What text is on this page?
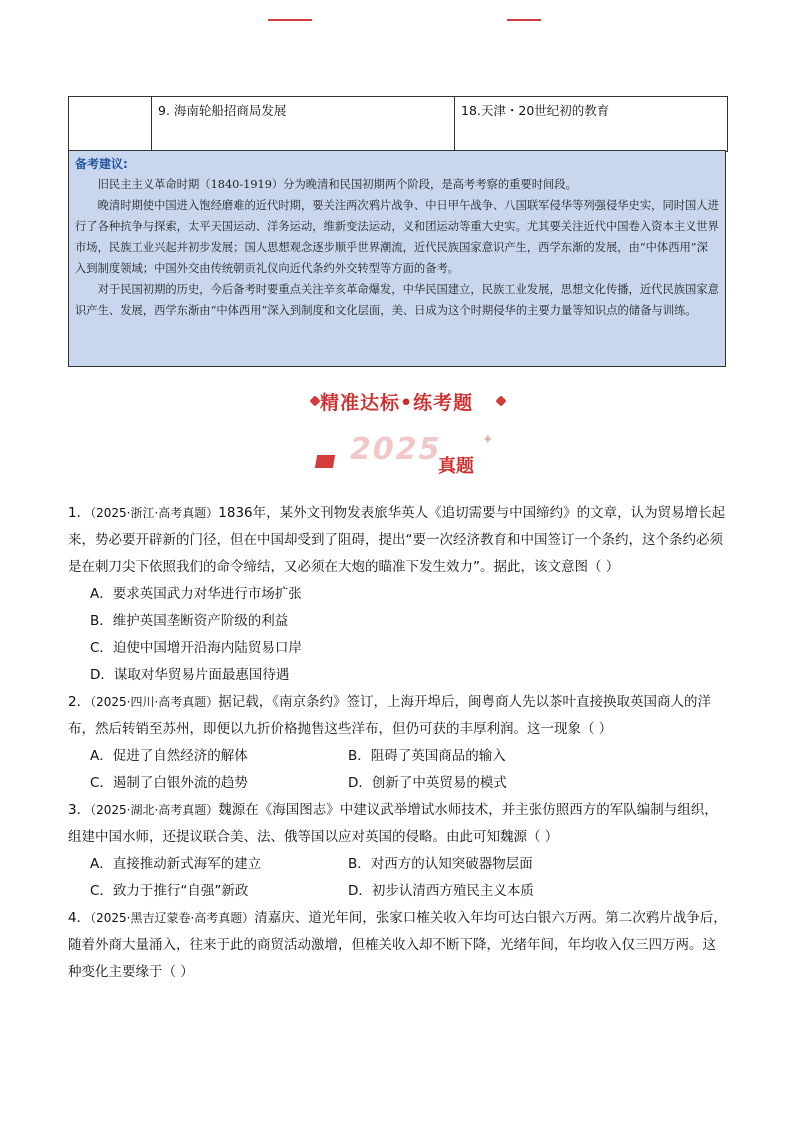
	9. 海南轮船招商局发展	18.天津・20世纪初的教育
备考建议:

旧民主主义革命时期（1840-1919）分为晚清和民国初期两个阶段，是高考考察的重要时间段。

晚清时期使中国进入饱经磨难的近代时期，要关注两次鸦片战争、中日甲午战争、八国联军侵华等列强侵华史实，同时国人进行了各种抗争与探索，太平天国运动、洋务运动，维新变法运动，义和团运动等重大史实。尤其要关注近代中国卷入资本主义世界市场，民族工业兴起并初步发展；国人思想观念逐步顺乎世界潮流，近代民族国家意识产生，西学东渐的发展，由“中体西用”深入到制度领域；中国外交由传统朝贡礼仪向近代条约外交转型等方面的备考。

对于民国初期的历史，今后备考时要重点关注辛亥革命爆发，中华民国建立，民族工业发展，思想文化传播，近代民族国家意识产生、发展，西学东渐由“中体西用”深入到制度和文化层面，美、日成为这个时期侵华的主要力量等知识点的储备与训练。

精准达标•练考题
2025
真题
✦

1．（2025·浙江·高考真题）1836年，某外文刊物发表旅华英人《追切需要与中国缔约》的文章，认为贸易增长起来，势必要开辟新的门径，但在中国却受到了阻碍，提出“要一次经济教育和中国签订一个条约，这个条约必须是在刺刀尖下依照我们的命令缔结，又必须在大炮的瞄准下发生效力”。据此，该文意图（ ）

A．要求英国武力对华进行市场扩张

B．维护英国垄断资产阶级的利益

C．迫使中国增开沿海内陆贸易口岸

D．谋取对华贸易片面最惠国待遇

2．（2025·四川·高考真题）据记载，《南京条约》签订，上海开埠后，闽粤商人先以茶叶直接换取英国商人的洋布，然后转销至苏州，即便以九折价格抛售这些洋布，但仍可获的丰厚利润。这一现象（ ）

A．促进了自然经济的解体	B．阻碍了英国商品的输入
C．遏制了白银外流的趋势	D．创新了中英贸易的模式

3．（2025·湖北·高考真题）魏源在《海国图志》中建议武举增试水师技术，并主张仿照西方的军队编制与组织，组建中国水师，还提议联合美、法、俄等国以应对英国的侵略。由此可知魏源（ ）

A．直接推动新式海军的建立	B．对西方的认知突破器物层面
C．致力于推行“自强”新政	D．初步认清西方殖民主义本质

4．（2025·黑吉辽蒙卷·高考真题）清嘉庆、道光年间，张家口榷关收入年均可达白银六万两。第二次鸦片战争后，随着外商大量涌入，往来于此的商贸活动激增，但榷关收入却不断下降，光绪年间，年均收入仅三四万两。这种变化主要缘于（ ）
